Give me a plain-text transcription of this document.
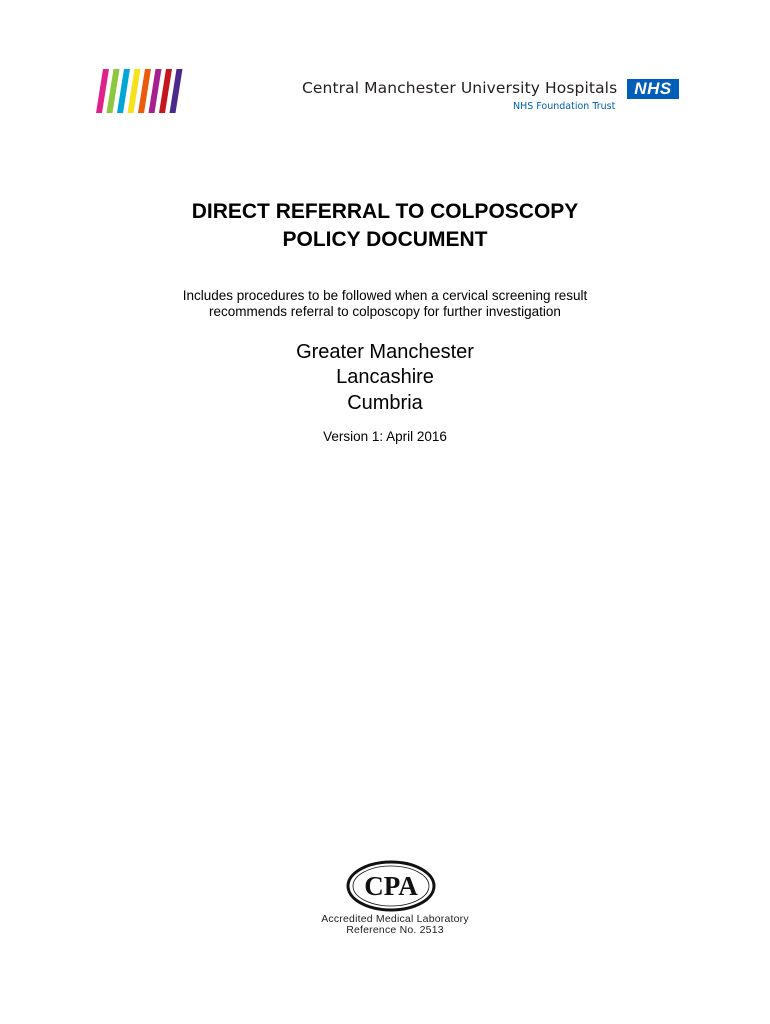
Central Manchester University Hospitals	NHS
NHS Foundation Trust
DIRECT REFERRAL TO COLPOSCOPY
POLICY DOCUMENT
Includes procedures to be followed when a cervical screening result
recommends referral to colposcopy for further investigation
Greater Manchester
Lancashire
Cumbria
Version 1: April 2016
CPA
Accredited Medical Laboratory
Reference No. 2513
